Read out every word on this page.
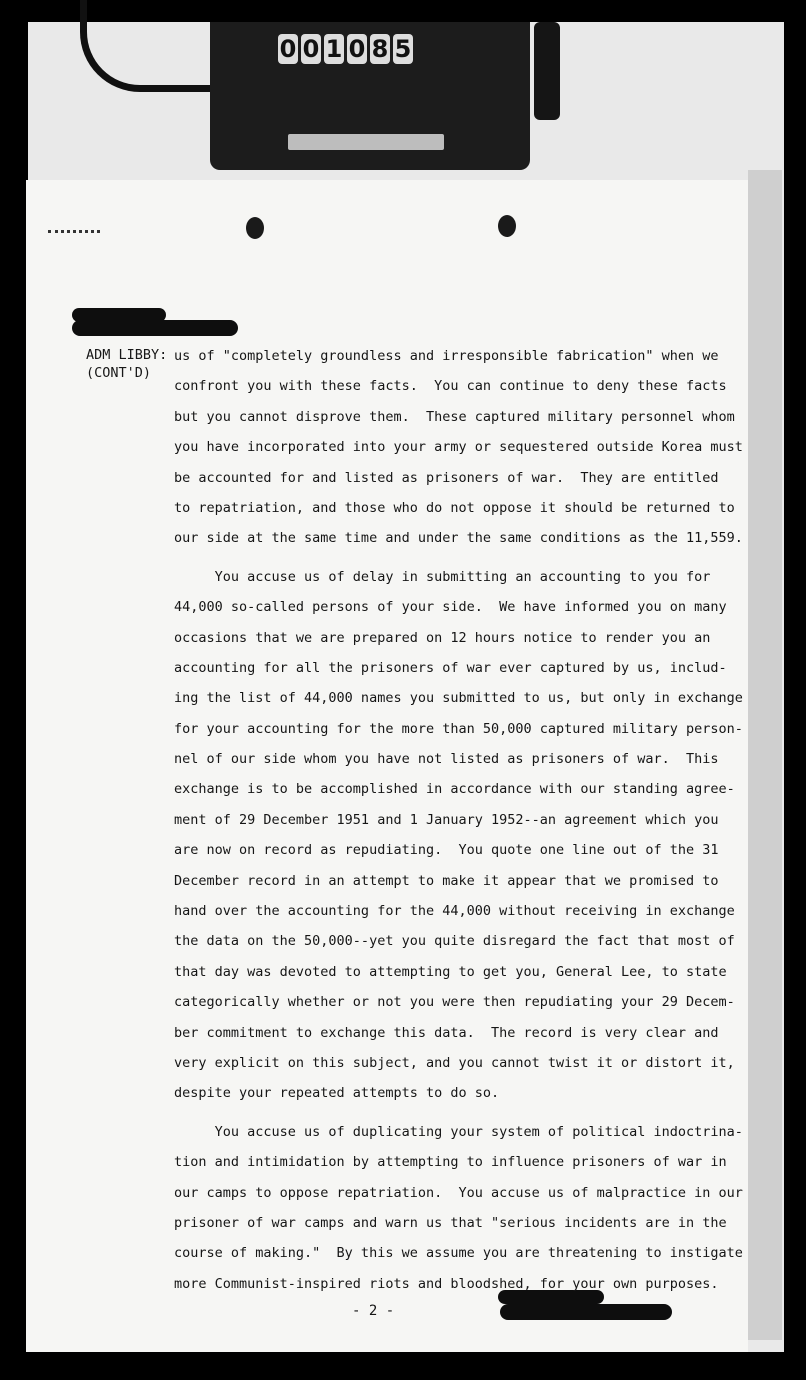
0 0 1 0 8 5
ADM LIBBY:
(CONT'D)
us of "completely groundless and irresponsible fabrication" when we
confront you with these facts.  You can continue to deny these facts
but you cannot disprove them.  These captured military personnel whom
you have incorporated into your army or sequestered outside Korea must
be accounted for and listed as prisoners of war.  They are entitled
to repatriation, and those who do not oppose it should be returned to
our side at the same time and under the same conditions as the 11,559.
You accuse us of delay in submitting an accounting to you for
44,000 so-called persons of your side.  We have informed you on many
occasions that we are prepared on 12 hours notice to render you an
accounting for all the prisoners of war ever captured by us, includ-
ing the list of 44,000 names you submitted to us, but only in exchange
for your accounting for the more than 50,000 captured military person-
nel of our side whom you have not listed as prisoners of war.  This
exchange is to be accomplished in accordance with our standing agree-
ment of 29 December 1951 and 1 January 1952--an agreement which you
are now on record as repudiating.  You quote one line out of the 31
December record in an attempt to make it appear that we promised to
hand over the accounting for the 44,000 without receiving in exchange
the data on the 50,000--yet you quite disregard the fact that most of
that day was devoted to attempting to get you, General Lee, to state
categorically whether or not you were then repudiating your 29 Decem-
ber commitment to exchange this data.  The record is very clear and
very explicit on this subject, and you cannot twist it or distort it,
despite your repeated attempts to do so.
You accuse us of duplicating your system of political indoctrina-
tion and intimidation by attempting to influence prisoners of war in
our camps to oppose repatriation.  You accuse us of malpractice in our
prisoner of war camps and warn us that "serious incidents are in the
course of making."  By this we assume you are threatening to instigate
more Communist-inspired riots and bloodshed, for your own purposes.
- 2 -
